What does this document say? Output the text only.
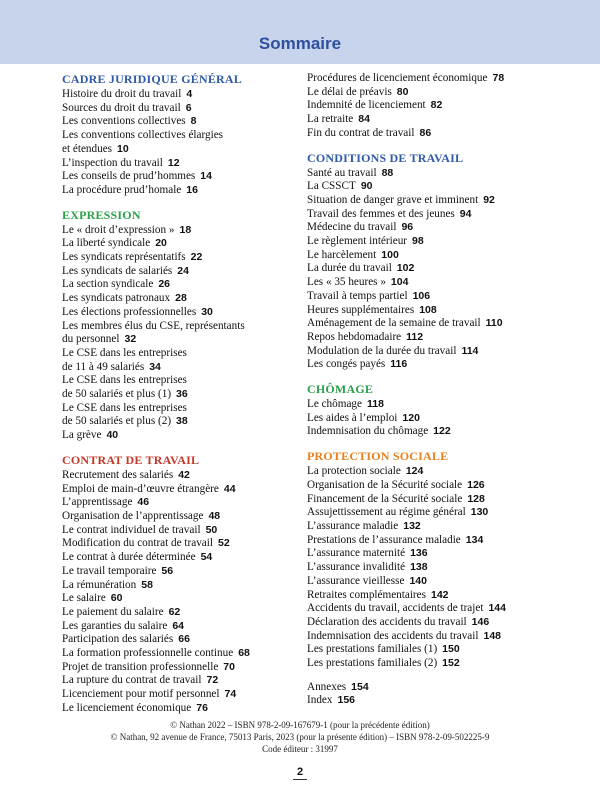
Sommaire
CADRE JURIDIQUE GÉNÉRAL
Histoire du droit du travail 4
Sources du droit du travail 6
Les conventions collectives 8
Les conventions collectives élargies
et étendues 10
L’inspection du travail 12
Les conseils de prud’hommes 14
La procédure prud’homale 16
EXPRESSION
Le « droit d’expression » 18
La liberté syndicale 20
Les syndicats représentatifs 22
Les syndicats de salariés 24
La section syndicale 26
Les syndicats patronaux 28
Les élections professionnelles 30
Les membres élus du CSE, représentants
du personnel 32
Le CSE dans les entreprises
de 11 à 49 salariés 34
Le CSE dans les entreprises
de 50 salariés et plus (1) 36
Le CSE dans les entreprises
de 50 salariés et plus (2) 38
La grève 40
CONTRAT DE TRAVAIL
Recrutement des salariés 42
Emploi de main-d’œuvre étrangère 44
L’apprentissage 46
Organisation de l’apprentissage 48
Le contrat individuel de travail 50
Modification du contrat de travail 52
Le contrat à durée déterminée 54
Le travail temporaire 56
La rémunération 58
Le salaire 60
Le paiement du salaire 62
Les garanties du salaire 64
Participation des salariés 66
La formation professionnelle continue 68
Projet de transition professionnelle 70
La rupture du contrat de travail 72
Licenciement pour motif personnel 74
Le licenciement économique 76
Procédures de licenciement économique 78
Le délai de préavis 80
Indemnité de licenciement 82
La retraite 84
Fin du contrat de travail 86
CONDITIONS DE TRAVAIL
Santé au travail 88
La CSSCT 90
Situation de danger grave et imminent 92
Travail des femmes et des jeunes 94
Médecine du travail 96
Le règlement intérieur 98
Le harcèlement 100
La durée du travail 102
Les « 35 heures » 104
Travail à temps partiel 106
Heures supplémentaires 108
Aménagement de la semaine de travail 110
Repos hebdomadaire 112
Modulation de la durée du travail 114
Les congés payés 116
CHÔMAGE
Le chômage 118
Les aides à l’emploi 120
Indemnisation du chômage 122
PROTECTION SOCIALE
La protection sociale 124
Organisation de la Sécurité sociale 126
Financement de la Sécurité sociale 128
Assujettissement au régime général 130
L’assurance maladie 132
Prestations de l’assurance maladie 134
L’assurance maternité 136
L’assurance invalidité 138
L’assurance vieillesse 140
Retraites complémentaires 142
Accidents du travail, accidents de trajet 144
Déclaration des accidents du travail 146
Indemnisation des accidents du travail 148
Les prestations familiales (1) 150
Les prestations familiales (2) 152
Annexes 154
Index 156
© Nathan 2022 – ISBN 978-2-09-167679-1 (pour la précédente édition)
© Nathan, 92 avenue de France, 75013 Paris, 2023 (pour la présente édition) – ISBN 978-2-09-502225-9
Code éditeur : 31997
2
